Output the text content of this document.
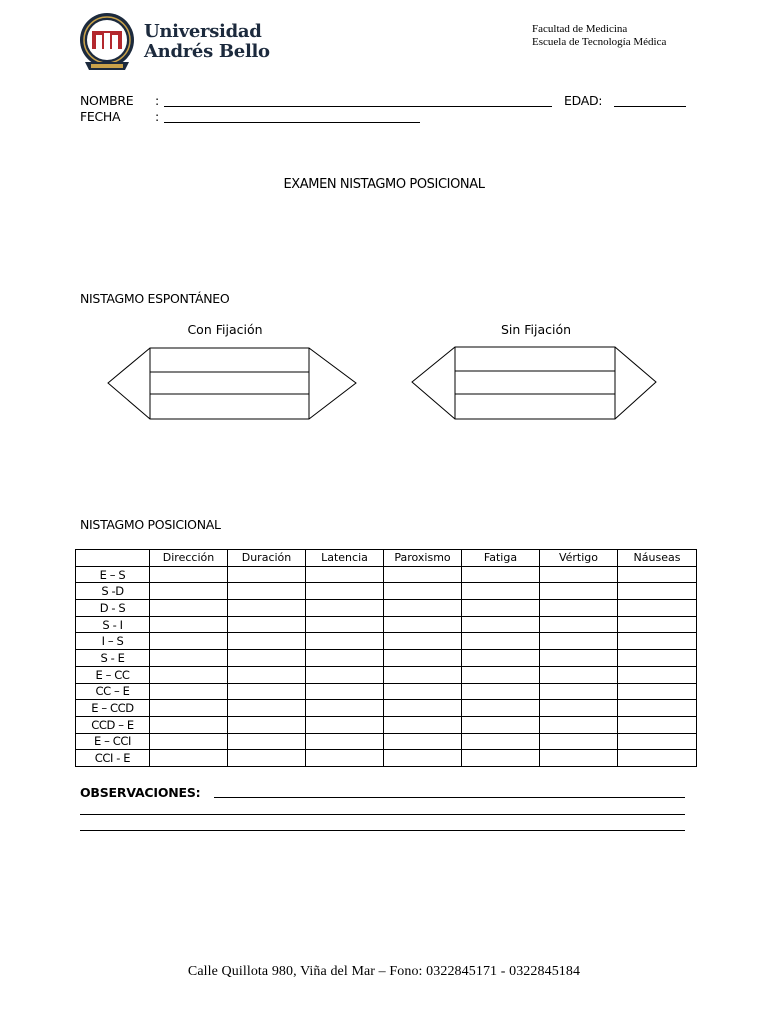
Universidad
Andrés Bello
Facultad de Medicina
Escuela de Tecnología Médica
NOMBRE :	EDAD:
FECHA	:
EXAMEN NISTAGMO POSICIONAL
NISTAGMO ESPONTÁNEO
Con Fijación	Sin Fijación
NISTAGMO POSICIONAL
	Dirección	Duración	Latencia	Paroxismo	Fatiga	Vértigo	Náuseas
E – S							
S -D							
D - S							
S - I							
I – S							
S - E							
E – CC							
CC – E							
E – CCD							
CCD – E							
E – CCI							
CCI - E							
OBSERVACIONES:
Calle Quillota 980, Viña del Mar – Fono: 0322845171 - 0322845184
